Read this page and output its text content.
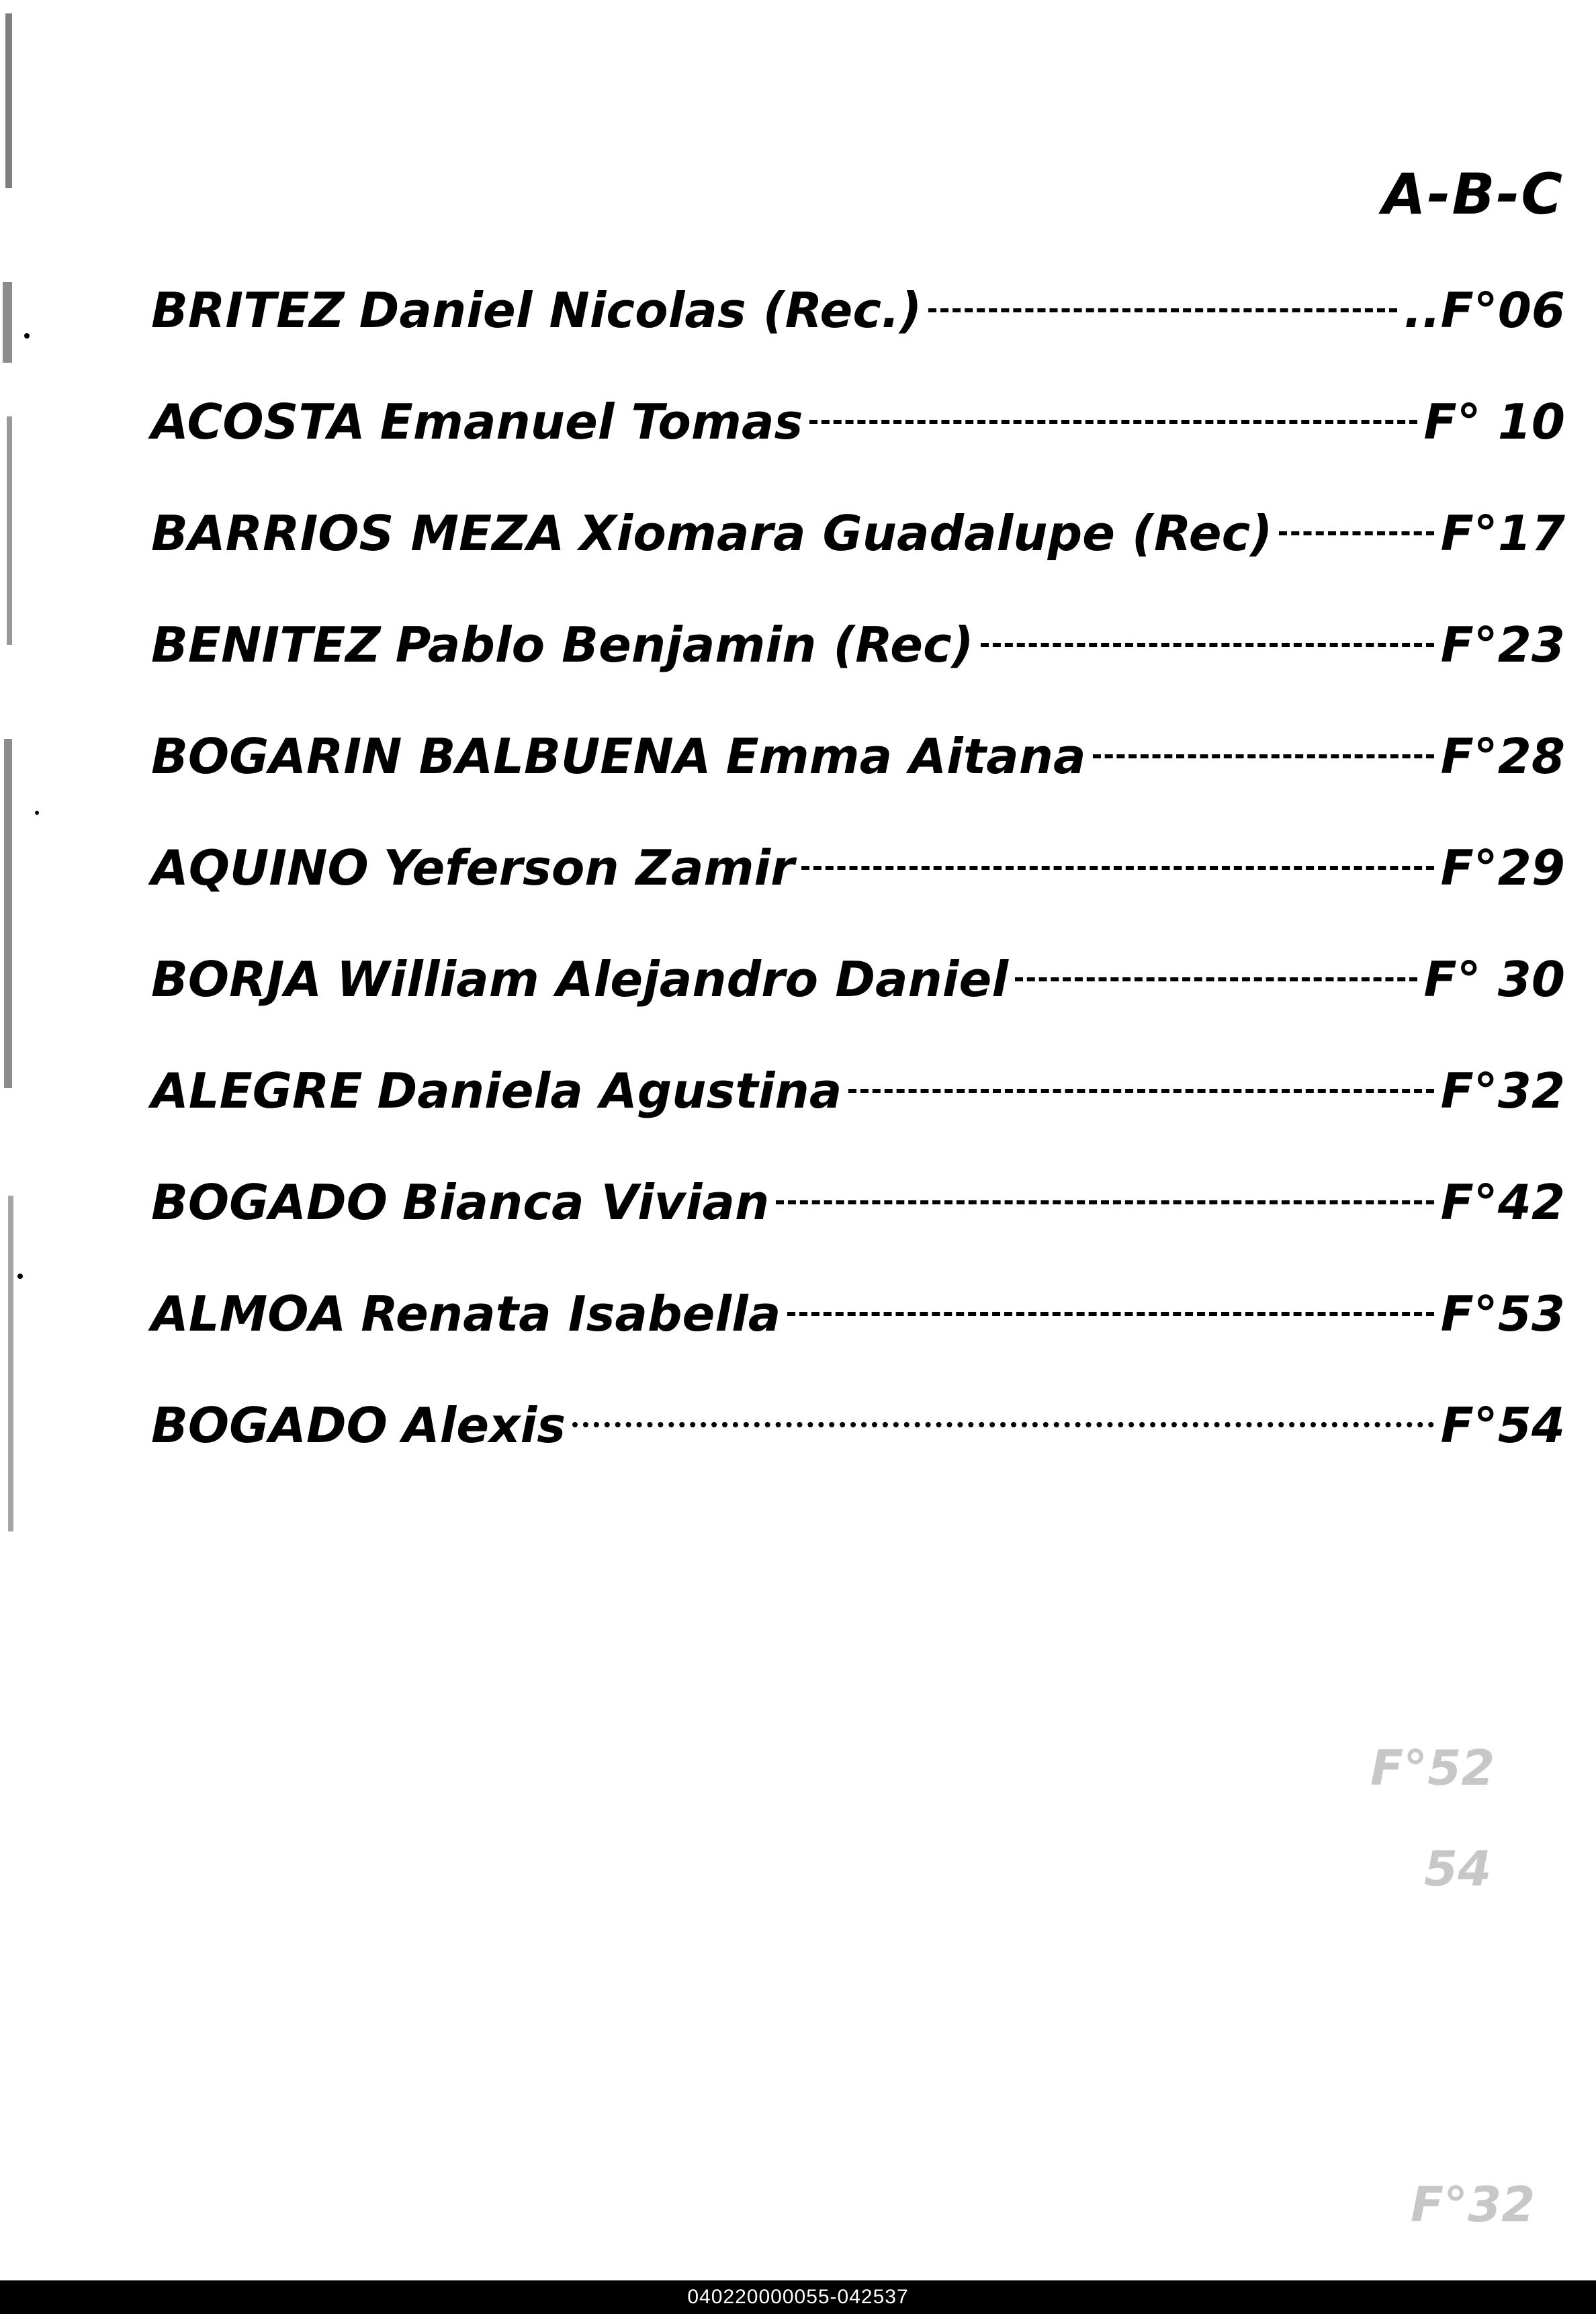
A-B-C
BRITEZ Daniel Nicolas (Rec.)	..F°06
ACOSTA Emanuel Tomas	F° 10
BARRIOS MEZA Xiomara Guadalupe (Rec)	F°17
BENITEZ Pablo Benjamin (Rec)	F°23
BOGARIN BALBUENA Emma Aitana	F°28
AQUINO Yeferson Zamir	F°29
BORJA William Alejandro Daniel	F° 30
ALEGRE Daniela Agustina	F°32
BOGADO Bianca Vivian	F°42
ALMOA Renata Isabella	F°53
BOGADO Alexis	F°54
F°52
54
F°32
040220000055-042537
